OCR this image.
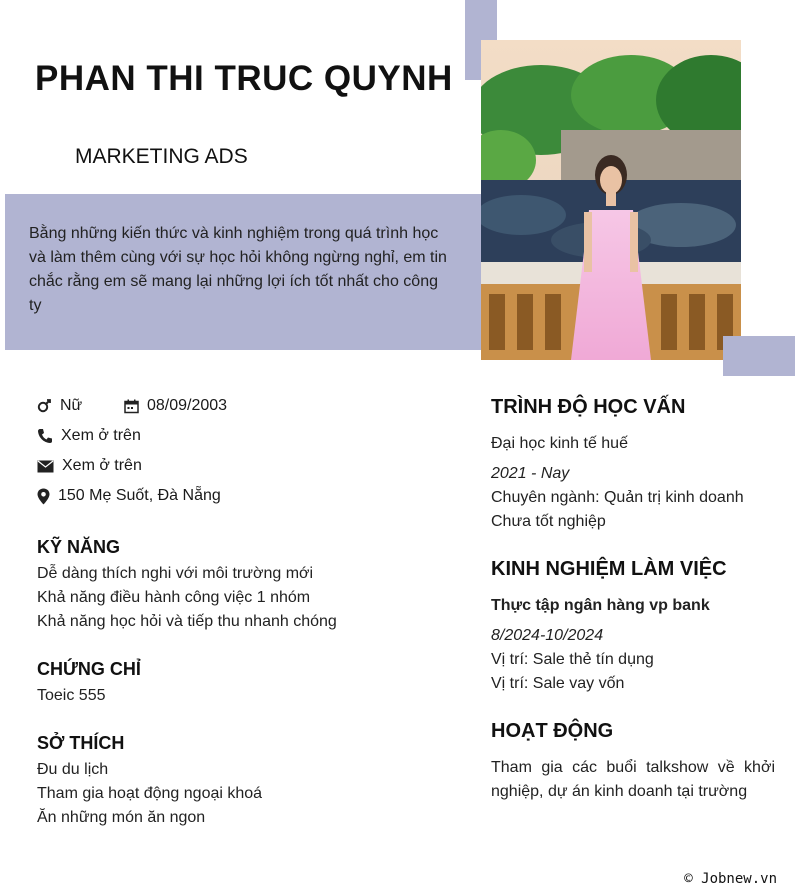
PHAN THI TRUC QUYNH
MARKETING ADS
Bằng những kiến thức và kinh nghiệm trong quá trình học và làm thêm cùng với sự học hỏi không ngừng nghỉ, em tin chắc rằng em sẽ mang lại những lợi ích tốt nhất cho công ty
Nữ	08/09/2003
Xem ở trên
Xem ở trên
150 Mẹ Suốt, Đà Nẵng
KỸ NĂNG
Dễ dàng thích nghi với môi trường mới
Khả năng điều hành công việc 1 nhóm
Khả năng học hỏi và tiếp thu nhanh chóng
CHỨNG CHỈ
Toeic 555
SỞ THÍCH
Đu du lịch
Tham gia hoạt động ngoại khoá
Ăn những món ăn ngon
TRÌNH ĐỘ HỌC VẤN
Đại học kinh tế huế
2021 - Nay
Chuyên ngành: Quản trị kinh doanh
Chưa tốt nghiệp
KINH NGHIỆM LÀM VIỆC
Thực tập ngân hàng vp bank
8/2024-10/2024
Vị trí: Sale thẻ tín dụng
Vị trí: Sale vay vốn
HOẠT ĐỘNG
Tham gia các buổi talkshow về khởi nghiệp, dự án kinh doanh tại trường
© Jobnew.vn
